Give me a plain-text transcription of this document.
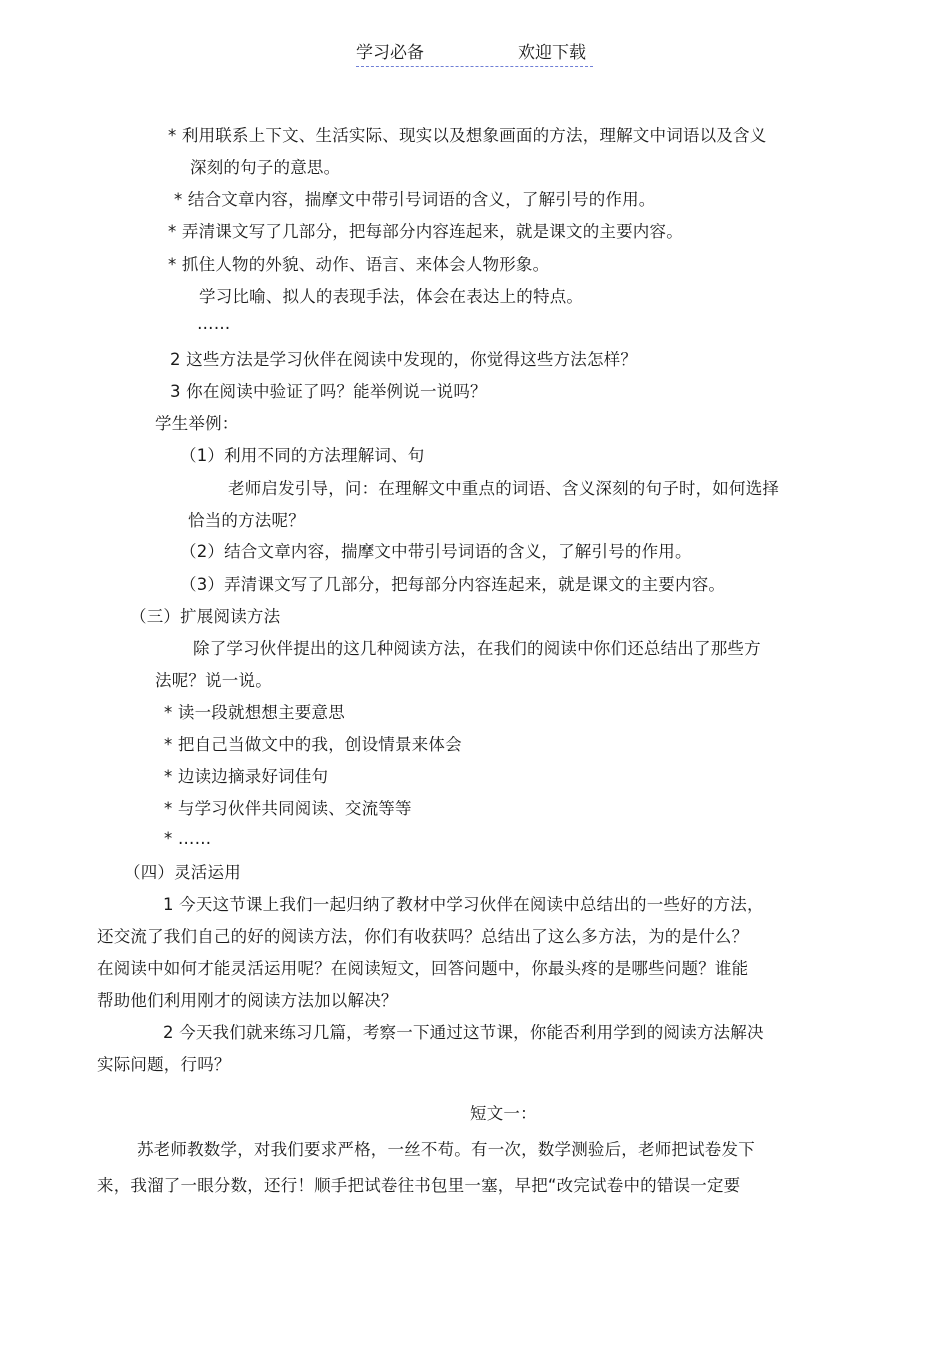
学习必备	欢迎下载
* 利用联系上下文、生活实际、现实以及想象画面的方法，理解文中词语以及含义
深刻的句子的意思。
* 结合文章内容，揣摩文中带引号词语的含义，了解引号的作用。
* 弄清课文写了几部分，把每部分内容连起来，就是课文的主要内容。
* 抓住人物的外貌、动作、语言、来体会人物形象。
学习比喻、拟人的表现手法，体会在表达上的特点。
……
2 这些方法是学习伙伴在阅读中发现的，你觉得这些方法怎样？
3 你在阅读中验证了吗？能举例说一说吗？
学生举例：
（1）利用不同的方法理解词、句
老师启发引导，问：在理解文中重点的词语、含义深刻的句子时，如何选择
恰当的方法呢？
（2）结合文章内容，揣摩文中带引号词语的含义，了解引号的作用。
（3）弄清课文写了几部分，把每部分内容连起来，就是课文的主要内容。
（三）扩展阅读方法
除了学习伙伴提出的这几种阅读方法，在我们的阅读中你们还总结出了那些方
法呢？说一说。
* 读一段就想想主要意思
* 把自己当做文中的我，创设情景来体会
* 边读边摘录好词佳句
* 与学习伙伴共同阅读、交流等等
* ……
（四）灵活运用
1 今天这节课上我们一起归纳了教材中学习伙伴在阅读中总结出的一些好的方法，
还交流了我们自己的好的阅读方法，你们有收获吗？总结出了这么多方法，为的是什么？
在阅读中如何才能灵活运用呢？在阅读短文，回答问题中，你最头疼的是哪些问题？谁能
帮助他们利用刚才的阅读方法加以解决？
2 今天我们就来练习几篇，考察一下通过这节课，你能否利用学到的阅读方法解决
实际问题，行吗？
短文一：
苏老师教数学，对我们要求严格，一丝不苟。有一次，数学测验后，老师把试卷发下
来，我溜了一眼分数，还行！顺手把试卷往书包里一塞，早把“改完试卷中的错误一定要
